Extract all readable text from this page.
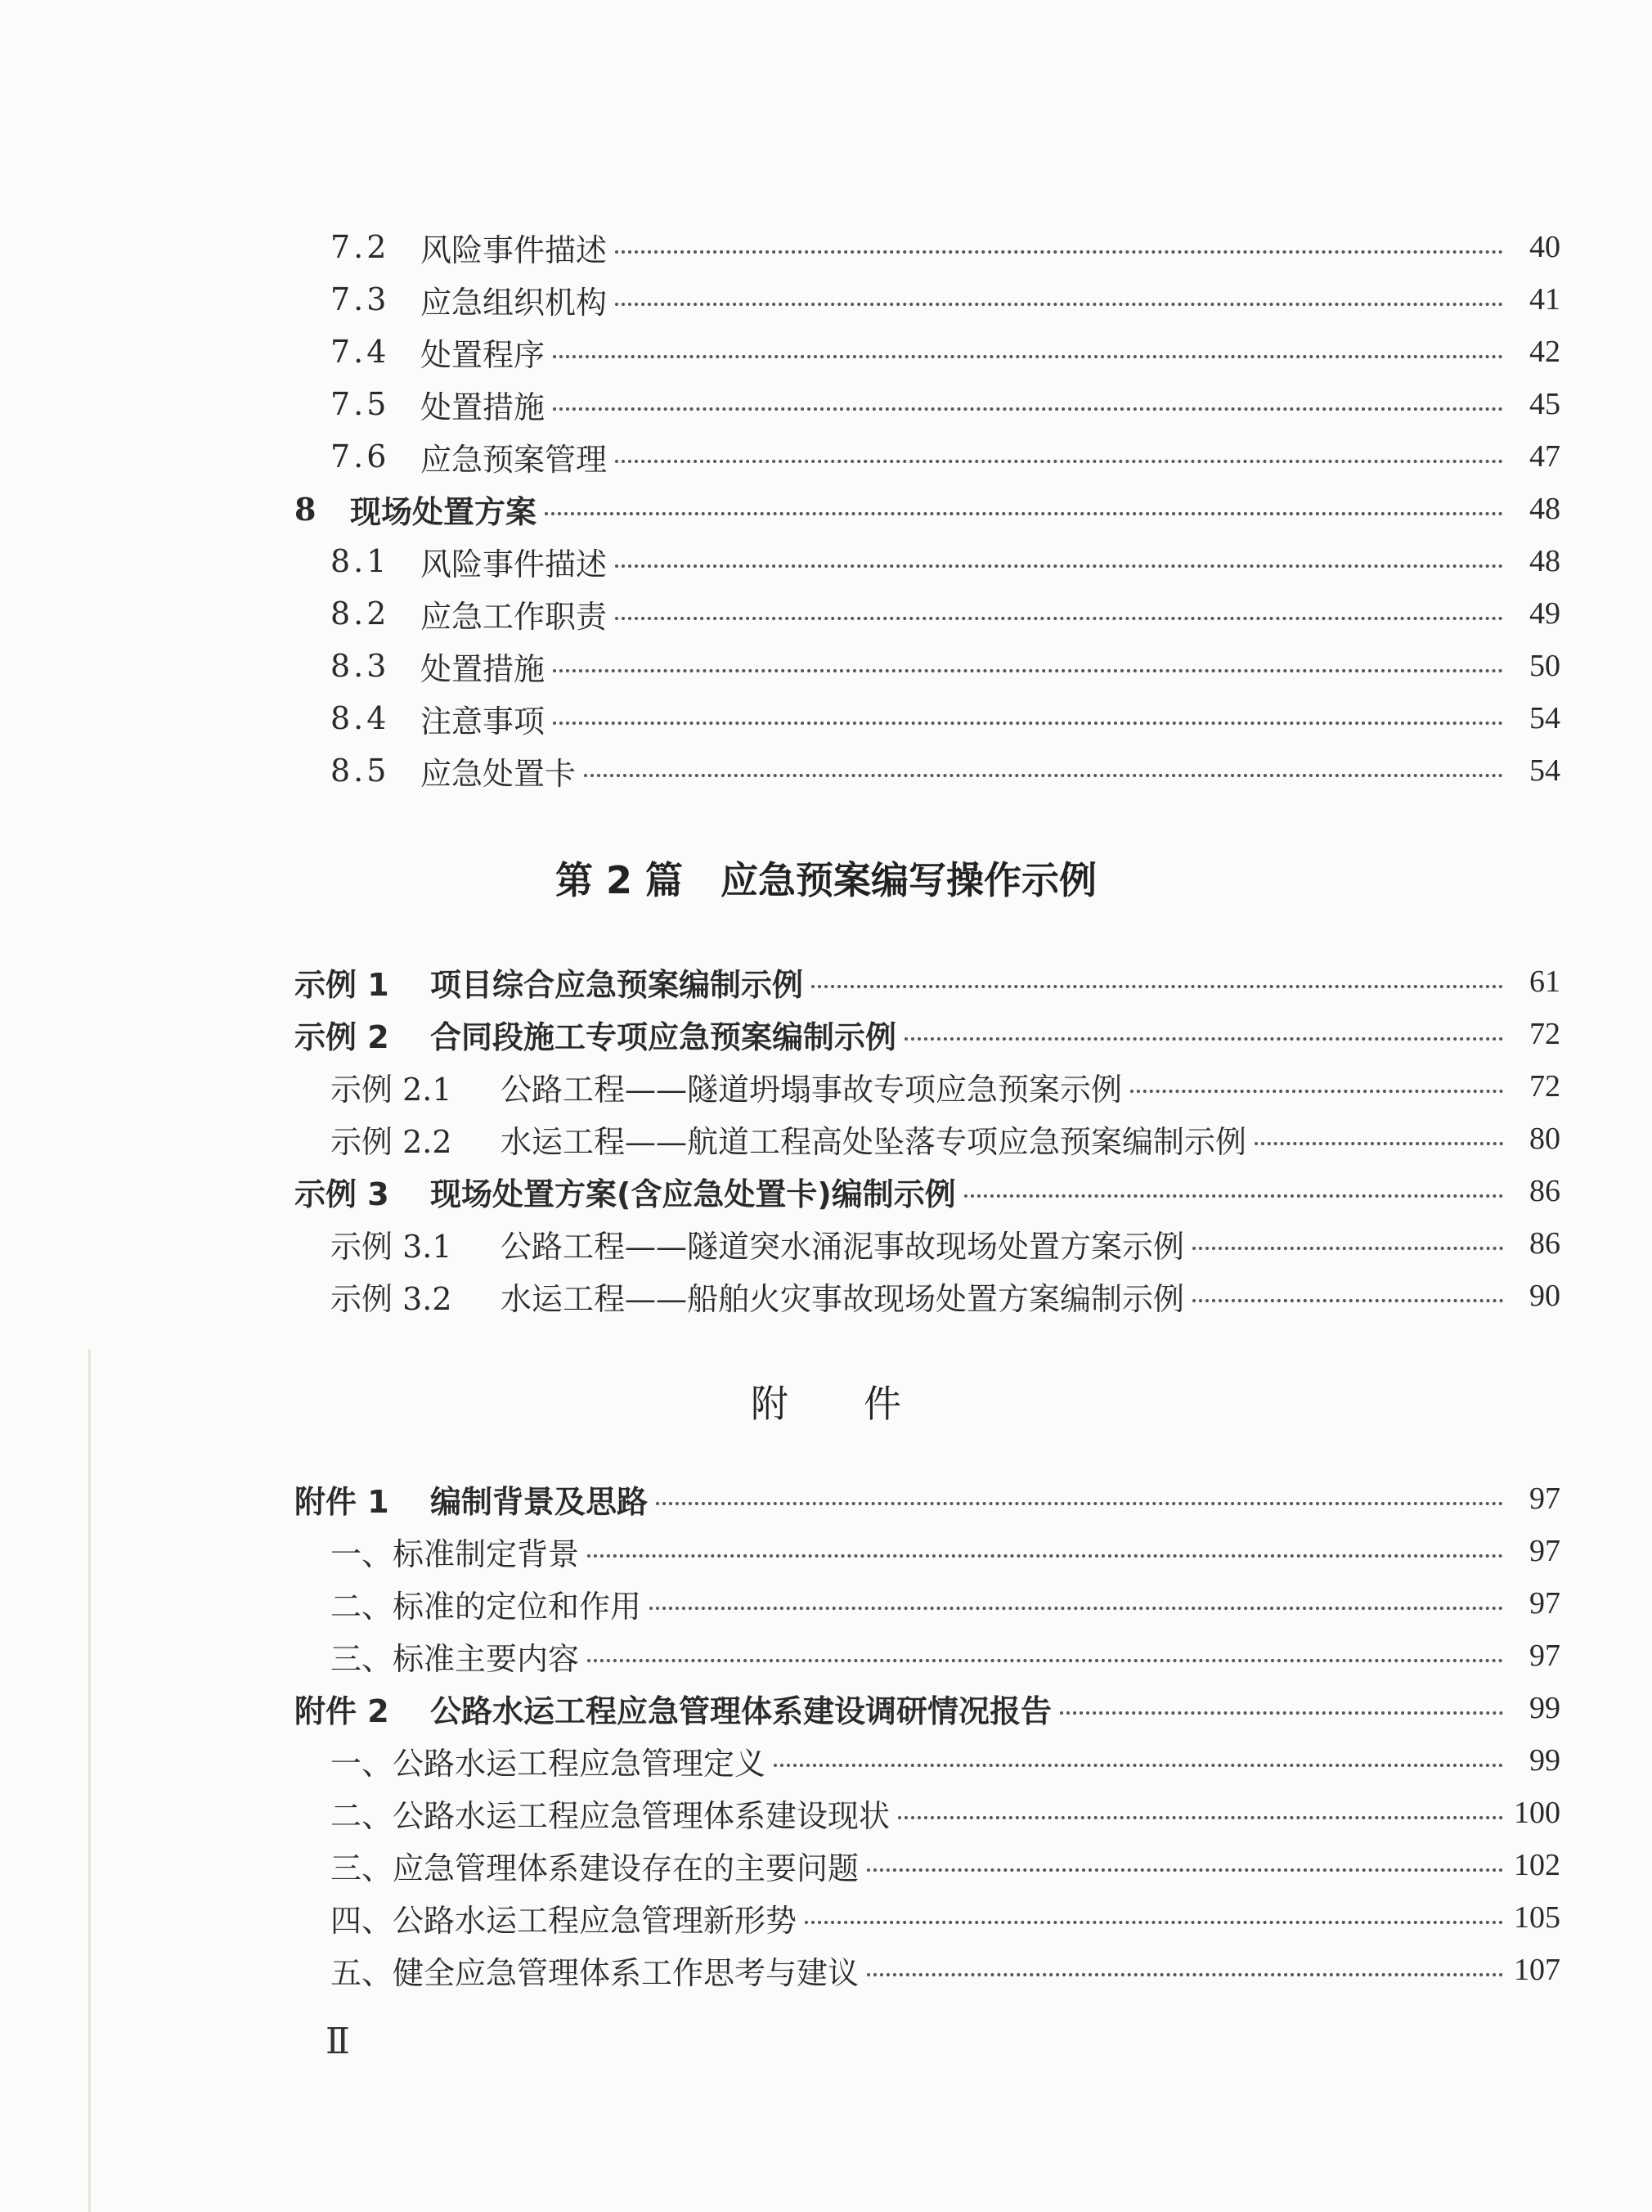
7.2 风险事件描述	40
7.3 应急组织机构	41
7.4 处置程序	42
7.5 处置措施	45
7.6 应急预案管理	47
8 现场处置方案	48
8.1 风险事件描述	48
8.2 应急工作职责	49
8.3 处置措施	50
8.4 注意事项	54
8.5 应急处置卡	54
第 2 篇　应急预案编写操作示例
示例 1	项目综合应急预案编制示例	61
示例 2	合同段施工专项应急预案编制示例	72
示例 2.1	公路工程——隧道坍塌事故专项应急预案示例	72
示例 2.2	水运工程——航道工程高处坠落专项应急预案编制示例	80
示例 3	现场处置方案(含应急处置卡)编制示例	86
示例 3.1	公路工程——隧道突水涌泥事故现场处置方案示例	86
示例 3.2	水运工程——船舶火灾事故现场处置方案编制示例	90
附　　件
附件 1	编制背景及思路	97
一、标准制定背景	97
二、标准的定位和作用	97
三、标准主要内容	97
附件 2	公路水运工程应急管理体系建设调研情况报告	99
一、公路水运工程应急管理定义	99
二、公路水运工程应急管理体系建设现状	100
三、应急管理体系建设存在的主要问题	102
四、公路水运工程应急管理新形势	105
五、健全应急管理体系工作思考与建议	107
Ⅱ
